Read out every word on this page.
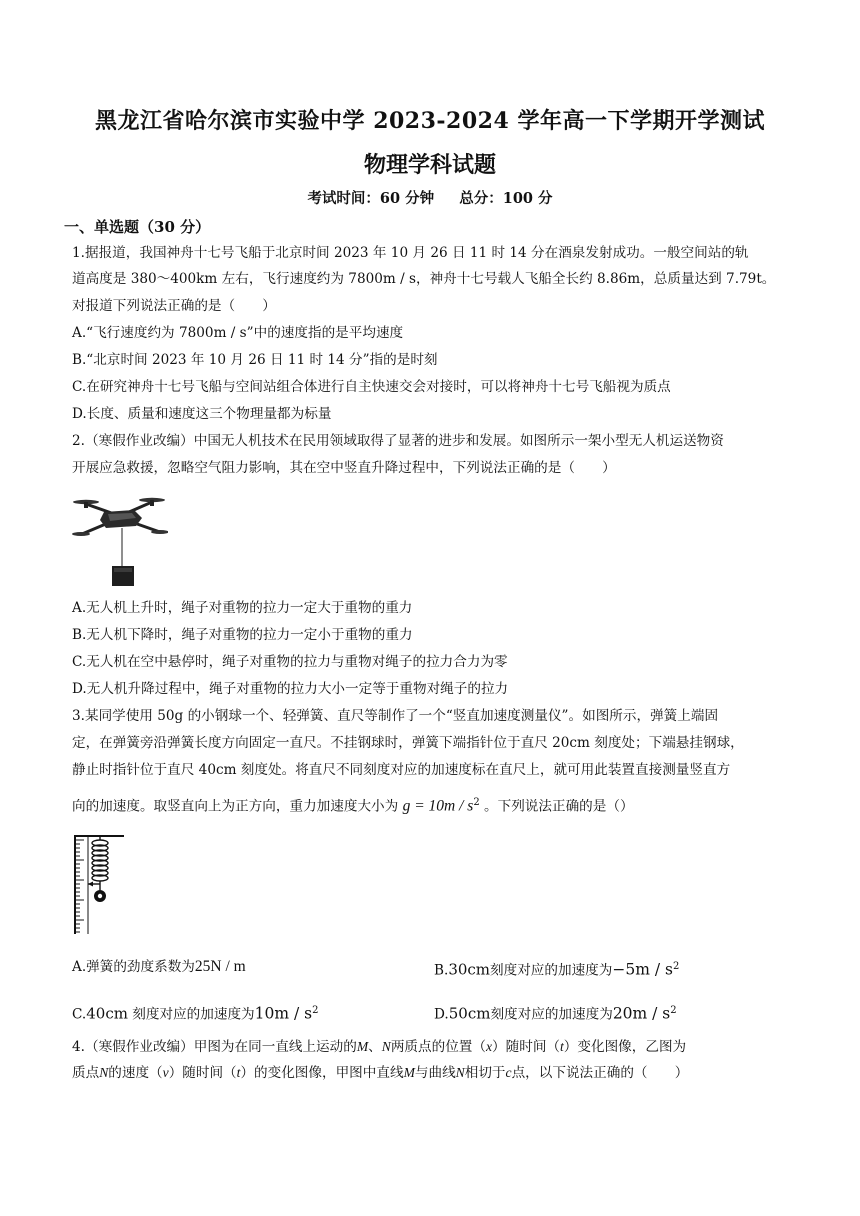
黑龙江省哈尔滨市实验中学 2023-2024 学年高一下学期开学测试
物理学科试题
考试时间：60 分钟 总分：100 分
一、单选题（30 分）
1.据报道，我国神舟十七号飞船于北京时间 2023 年 10 月 26 日 11 时 14 分在酒泉发射成功。一般空间站的轨
道高度是 380～400km 左右，飞行速度约为 7800m / s，神舟十七号载人飞船全长约 8.86m，总质量达到 7.79t。
对报道下列说法正确的是（　　）
A.“飞行速度约为 7800m / s”中的速度指的是平均速度
B.“北京时间 2023 年 10 月 26 日 11 时 14 分”指的是时刻
C.在研究神舟十七号飞船与空间站组合体进行自主快速交会对接时，可以将神舟十七号飞船视为质点
D.长度、质量和速度这三个物理量都为标量
2.（寒假作业改编）中国无人机技术在民用领域取得了显著的进步和发展。如图所示一架小型无人机运送物资
开展应急救援，忽略空气阻力影响，其在空中竖直升降过程中，下列说法正确的是（　　）
A.无人机上升时，绳子对重物的拉力一定大于重物的重力
B.无人机下降时，绳子对重物的拉力一定小于重物的重力
C.无人机在空中悬停时，绳子对重物的拉力与重物对绳子的拉力合力为零
D.无人机升降过程中，绳子对重物的拉力大小一定等于重物对绳子的拉力
3.某同学使用 50g 的小钢球一个、轻弹簧、直尺等制作了一个“竖直加速度测量仪”。如图所示，弹簧上端固
定，在弹簧旁沿弹簧长度方向固定一直尺。不挂钢球时，弹簧下端指针位于直尺 20cm 刻度处；下端悬挂钢球，
静止时指针位于直尺 40cm 刻度处。将直尺不同刻度对应的加速度标在直尺上，就可用此装置直接测量竖直方
向的加速度。取竖直向上为正方向，重力加速度大小为 $g = 10m / s^2$ 。下列说法正确的是（）
A.弹簧的劲度系数为25N / m	B.30cm刻度对应的加速度为$-5m / s^2$
C.40cm 刻度对应的加速度为$10m / s^2$	D.50cm刻度对应的加速度为$20m / s^2$
4.（寒假作业改编）甲图为在同一直线上运动的M、N两质点的位置（x）随时间（t）变化图像，乙图为
质点N的速度（v）随时间（t）的变化图像，甲图中直线M与曲线N相切于c点，以下说法正确的（　　）
